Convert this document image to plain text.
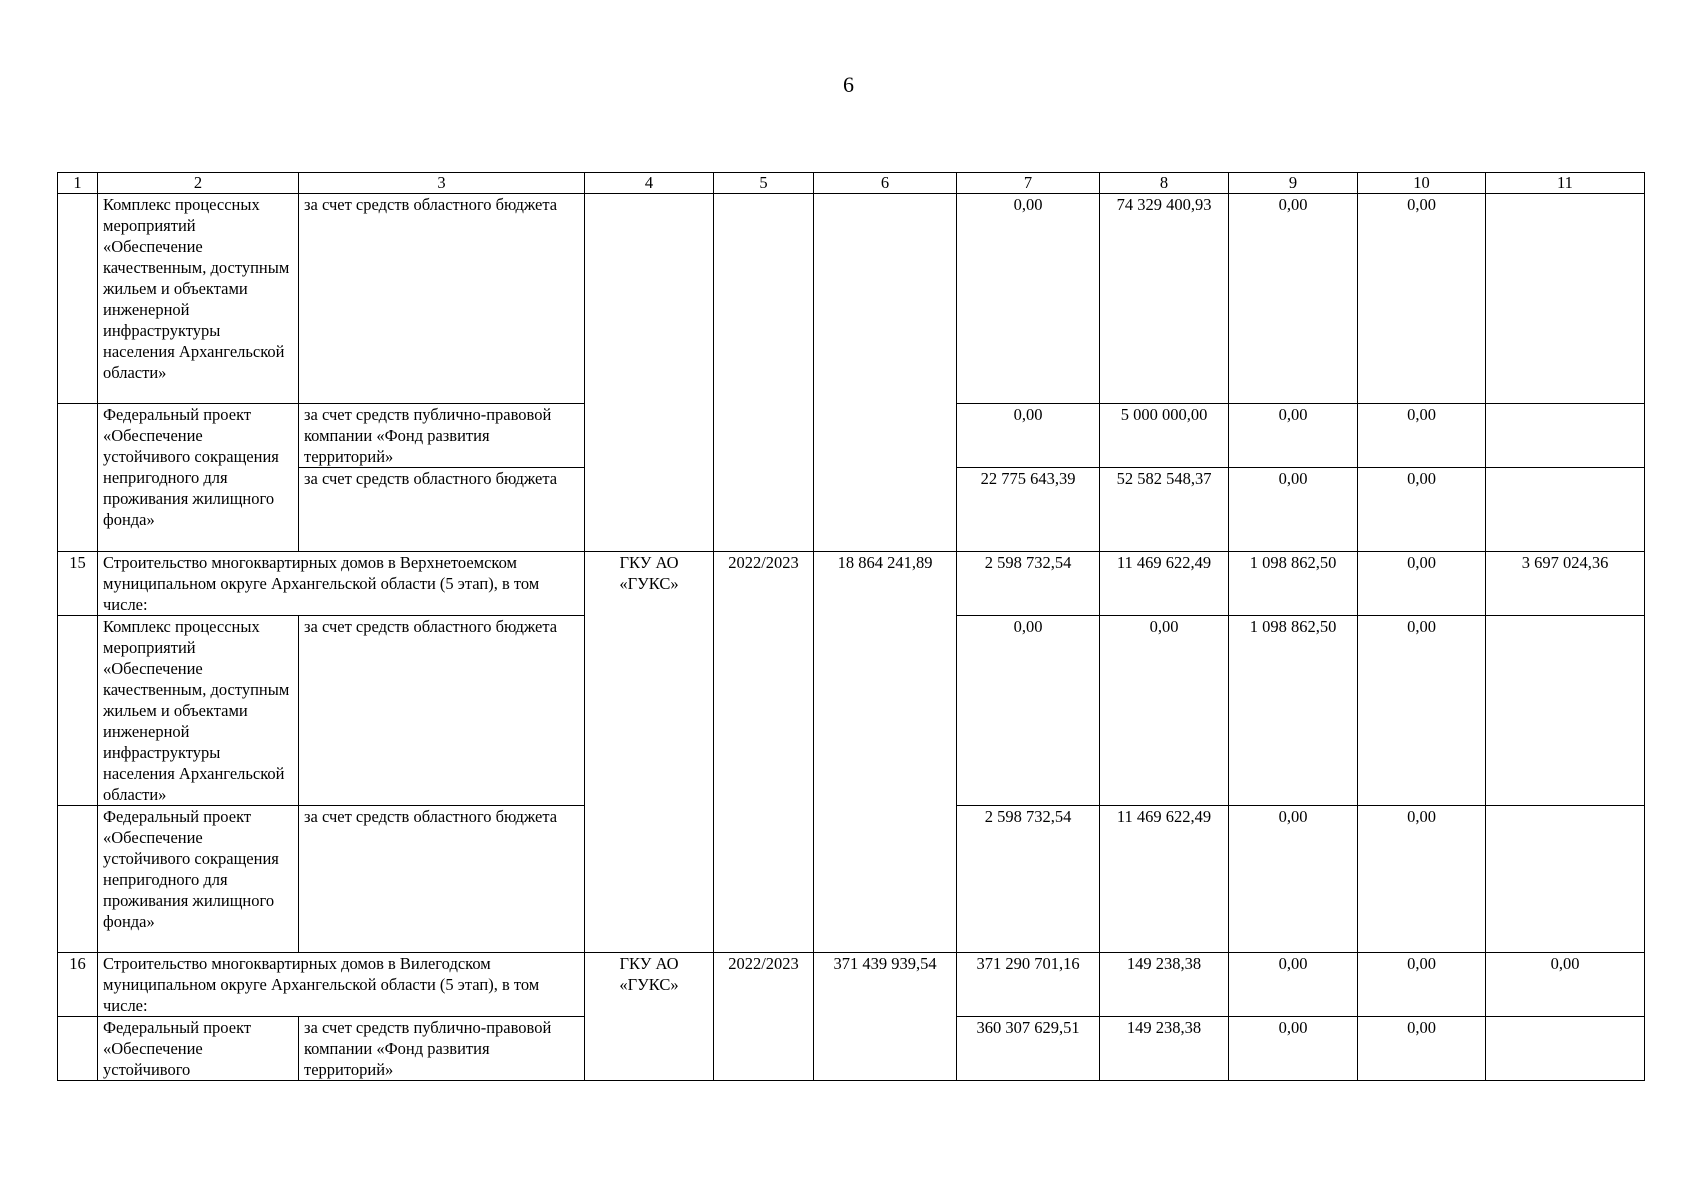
6
1	2	3	4	5	6	7	8	9	10	11
	Комплекс процессных мероприятий «Обеспечение качественным, доступным жильем и объектами инженерной инфраструктуры населения Архангельской области»	за счет средств областного бюджета				0,00	74 329 400,93	0,00	0,00	
	Федеральный проект «Обеспечение устойчивого сокращения непригодного для проживания жилищного фонда»	за счет средств публично-правовой компании «Фонд развития территорий»				0,00	5 000 000,00	0,00	0,00	
		за счет средств областного бюджета				22 775 643,39	52 582 548,37	0,00	0,00	
15	Строительство многоквартирных домов в Верхнетоемском муниципальном округе Архангельской области (5 этап), в том числе:		ГКУ АО «ГУКС»	2022/2023	18 864 241,89	2 598 732,54	11 469 622,49	1 098 862,50	0,00	3 697 024,36
	Комплекс процессных мероприятий «Обеспечение качественным, доступным жильем и объектами инженерной инфраструктуры населения Архангельской области»	за счет средств областного бюджета				0,00	0,00	1 098 862,50	0,00	
	Федеральный проект «Обеспечение устойчивого сокращения непригодного для проживания жилищного фонда»	за счет средств областного бюджета				2 598 732,54	11 469 622,49	0,00	0,00	
16	Строительство многоквартирных домов в Вилегодском муниципальном округе Архангельской области (5 этап), в том числе:		ГКУ АО «ГУКС»	2022/2023	371 439 939,54	371 290 701,16	149 238,38	0,00	0,00	0,00
	Федеральный проект «Обеспечение устойчивого	за счет средств публично-правовой компании «Фонд развития территорий»				360 307 629,51	149 238,38	0,00	0,00	
